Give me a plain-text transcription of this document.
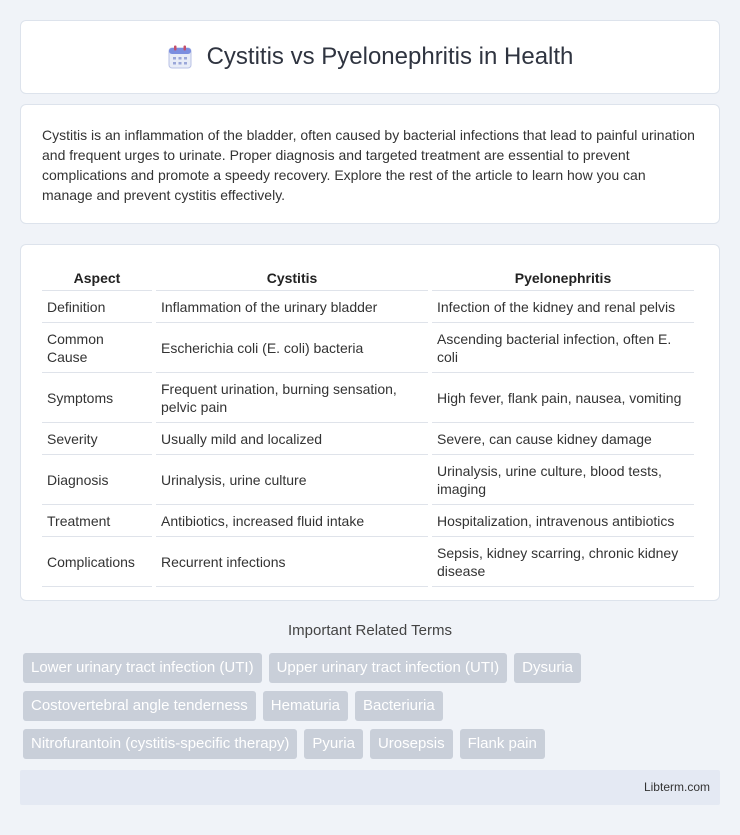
Cystitis vs Pyelonephritis in Health

Cystitis is an inflammation of the bladder, often caused by bacterial infections that lead to painful urination and frequent urges to urinate. Proper diagnosis and targeted treatment are essential to prevent complications and promote a speedy recovery. Explore the rest of the article to learn how you can manage and prevent cystitis effectively.

Aspect	Cystitis	Pyelonephritis
Definition	Inflammation of the urinary bladder	Infection of the kidney and renal pelvis
Common Cause	Escherichia coli (E. coli) bacteria	Ascending bacterial infection, often E. coli
Symptoms	Frequent urination, burning sensation, pelvic pain	High fever, flank pain, nausea, vomiting
Severity	Usually mild and localized	Severe, can cause kidney damage
Diagnosis	Urinalysis, urine culture	Urinalysis, urine culture, blood tests, imaging
Treatment	Antibiotics, increased fluid intake	Hospitalization, intravenous antibiotics
Complications	Recurrent infections	Sepsis, kidney scarring, chronic kidney disease
Important Related Terms
Lower urinary tract infection (UTI)	Upper urinary tract infection (UTI)	Dysuria
Costovertebral angle tenderness	Hematuria	Bacteriuria
Nitrofurantoin (cystitis-specific therapy)	Pyuria	Urosepsis	Flank pain
Libterm.com
